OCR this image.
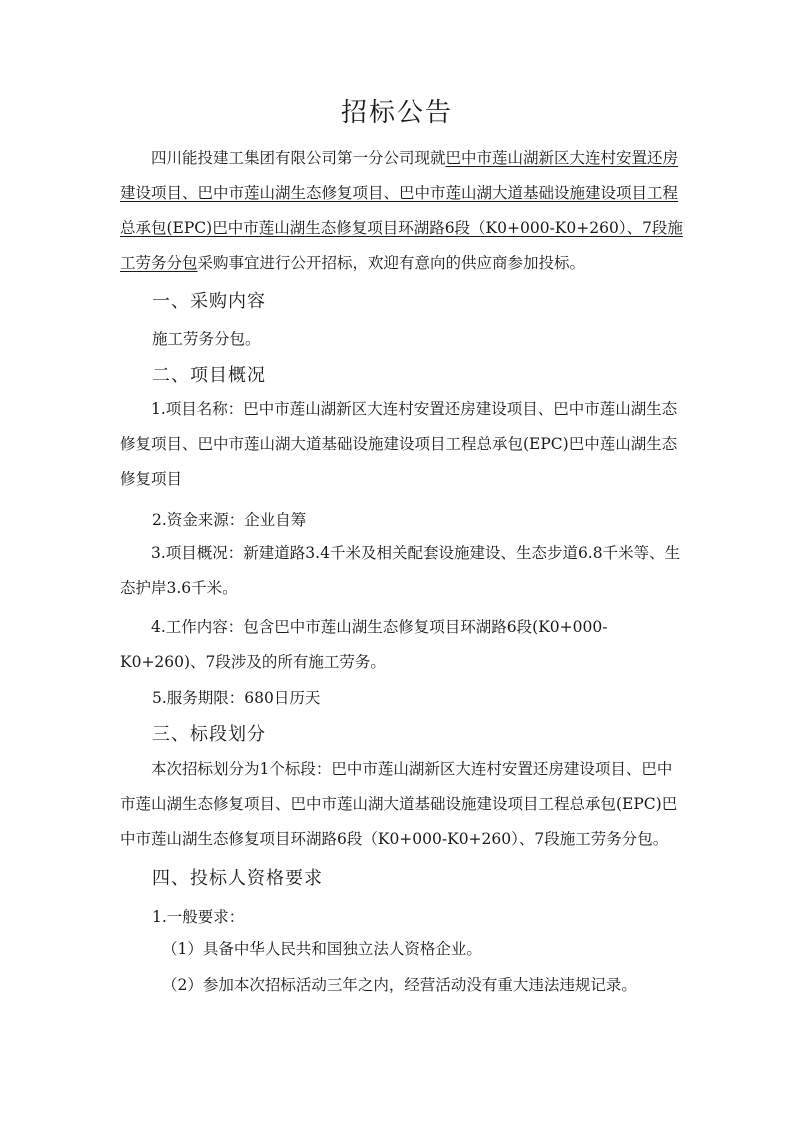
招标公告
四川能投建工集团有限公司第一分公司现就巴中市莲山湖新区大连村安置还房建设项目、巴中市莲山湖生态修复项目、巴中市莲山湖大道基础设施建设项目工程总承包(EPC)巴中市莲山湖生态修复项目环湖路6段（K0+000-K0+260）、7段施工劳务分包采购事宜进行公开招标，欢迎有意向的供应商参加投标。
一、采购内容
施工劳务分包。
二、项目概况
1.项目名称：巴中市莲山湖新区大连村安置还房建设项目、巴中市莲山湖生态修复项目、巴中市莲山湖大道基础设施建设项目工程总承包(EPC)巴中莲山湖生态修复项目
2.资金来源：企业自筹
3.项目概况：新建道路3.4千米及相关配套设施建设、生态步道6.8千米等、生态护岸3.6千米。
4.工作内容：包含巴中市莲山湖生态修复项目环湖路6段(K0+000-K0+260)、7段涉及的所有施工劳务。
5.服务期限：680日历天
三、标段划分
本次招标划分为1个标段：巴中市莲山湖新区大连村安置还房建设项目、巴中市莲山湖生态修复项目、巴中市莲山湖大道基础设施建设项目工程总承包(EPC)巴中市莲山湖生态修复项目环湖路6段（K0+000-K0+260）、7段施工劳务分包。
四、投标人资格要求
1.一般要求：
（1）具备中华人民共和国独立法人资格企业。
（2）参加本次招标活动三年之内，经营活动没有重大违法违规记录。
